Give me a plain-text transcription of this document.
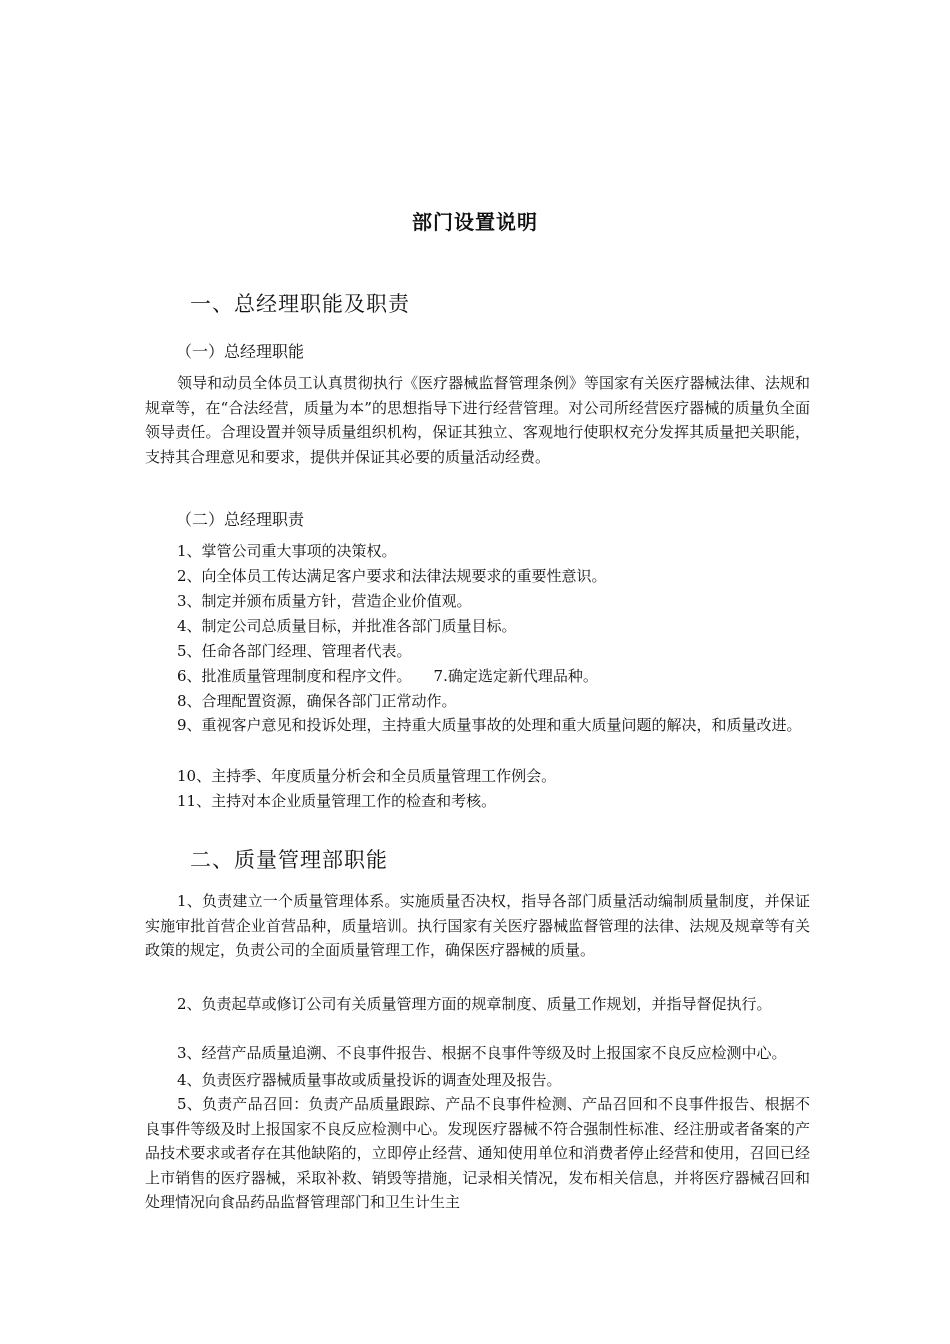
部门设置说明
一、总经理职能及职责
（一）总经理职能

领导和动员全体员工认真贯彻执行《医疗器械监督管理条例》等国家有关医疗器械法律、法规和规章等，在“合法经营，质量为本”的思想指导下进行经营管理。对公司所经营医疗器械的质量负全面领导责任。合理设置并领导质量组织机构，保证其独立、客观地行使职权充分发挥其质量把关职能，支持其合理意见和要求，提供并保证其必要的质量活动经费。

（二）总经理职责
1、掌管公司重大事项的决策权。
2、向全体员工传达满足客户要求和法律法规要求的重要性意识。
3、制定并颁布质量方针，营造企业价值观。
4、制定公司总质量目标，并批准各部门质量目标。
5、任命各部门经理、管理者代表。
6、批准质量管理制度和程序文件。 7.确定选定新代理品种。
8、合理配置资源，确保各部门正常动作。

9、重视客户意见和投诉处理，主持重大质量事故的处理和重大质量问题的解决，和质量改进。

10、主持季、年度质量分析会和全员质量管理工作例会。
11、主持对本企业质量管理工作的检查和考核。
二、质量管理部职能

1、负责建立一个质量管理体系。实施质量否决权，指导各部门质量活动编制质量制度，并保证实施审批首营企业首营品种，质量培训。执行国家有关医疗器械监督管理的法律、法规及规章等有关政策的规定，负责公司的全面质量管理工作，确保医疗器械的质量。

2、负责起草或修订公司有关质量管理方面的规章制度、质量工作规划，并指导督促执行。

3、经营产品质量追溯、不良事件报告、根据不良事件等级及时上报国家不良反应检测中心。

4、负责医疗器械质量事故或质量投诉的调查处理及报告。

5、负责产品召回：负责产品质量跟踪、产品不良事件检测、产品召回和不良事件报告、根据不良事件等级及时上报国家不良反应检测中心。发现医疗器械不符合强制性标准、经注册或者备案的产品技术要求或者存在其他缺陷的，立即停止经营、通知使用单位和消费者停止经营和使用，召回已经上市销售的医疗器械，采取补救、销毁等措施，记录相关情况，发布相关信息，并将医疗器械召回和处理情况向食品药品监督管理部门和卫生计生主
